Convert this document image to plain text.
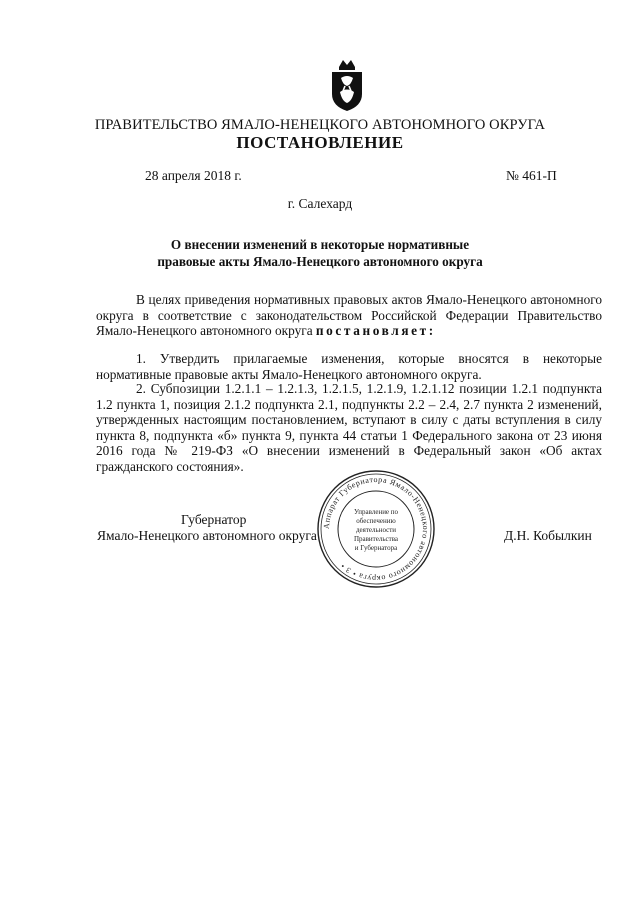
ПРАВИТЕЛЬСТВО ЯМАЛО-НЕНЕЦКОГО АВТОНОМНОГО ОКРУГА
ПОСТАНОВЛЕНИЕ
28 апреля 2018 г.	№ 461-П
г. Салехард
О внесении изменений в некоторые нормативные
правовые акты Ямало-Ненецкого автономного округа
В целях приведения нормативных правовых актов Ямало-Ненецкого автономного округа в соответствие с законодательством Российской Федерации Правительство Ямало-Ненецкого автономного округа постановляет:
1. Утвердить прилагаемые изменения, которые вносятся в некоторые нормативные правовые акты Ямало-Ненецкого автономного округа.
2. Субпозиции 1.2.1.1 – 1.2.1.3, 1.2.1.5, 1.2.1.9, 1.2.1.12 позиции 1.2.1 подпункта 1.2 пункта 1, позиция 2.1.2 подпункта 2.1, подпункты 2.2 – 2.4, 2.7 пункта 2 изменений, утвержденных настоящим постановлением, вступают в силу с даты вступления в силу пункта 8, подпункта «б» пункта 9, пункта 44 статьи 1 Федерального закона от 23 июня 2016 года № 219-ФЗ «О внесении изменений в Федеральный закон «Об актах гражданского состояния».
Губернатор
Ямало-Ненецкого автономного округа	Д.Н. Кобылкин
Аппарат Губернатора Ямало-Ненецкого автономного округа • 3 •
Управление по
обеспечению
деятельности
Правительства
и Губернатора
